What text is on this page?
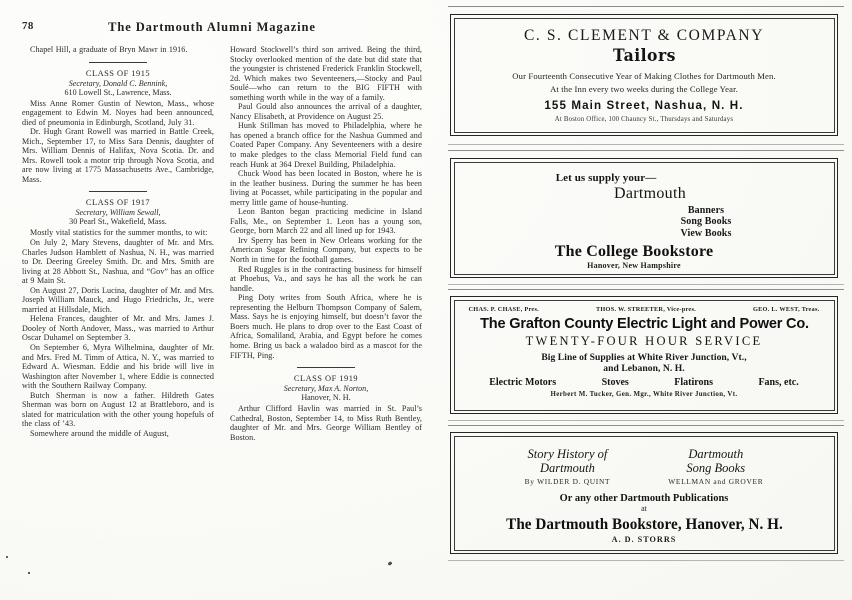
78	The Dartmouth Alumni Magazine

Chapel Hill, a graduate of Bryn Mawr in 1916.

CLASS OF 1915
Secretary, Donald C. Bennink,
610 Lowell St., Lawrence, Mass.

Miss Anne Romer Gustin of Newton, Mass., whose engagement to Edwin M. Noyes had been announced, died of pneumonia in Edinburgh, Scotland, July 31.

Dr. Hugh Grant Rowell was married in Battle Creek, Mich., September 17, to Miss Sara Dennis, daughter of Mrs. William Dennis of Halifax, Nova Scotia. Dr. and Mrs. Rowell took a motor trip through Nova Scotia, and are now living at 1775 Massachusetts Ave., Cambridge, Mass.

CLASS OF 1917
Secretary, William Sewall,
30 Pearl St., Wakefield, Mass.

Mostly vital statistics for the summer months, to wit:

On July 2, Mary Stevens, daughter of Mr. and Mrs. Charles Judson Hamblett of Nashua, N. H., was married to Dr. Deering Greeley Smith. Dr. and Mrs. Smith are living at 28 Abbott St., Nashua, and “Gov” has an office at 9 Main St.

On August 27, Doris Lucina, daughter of Mr. and Mrs. Joseph William Mauck, and Hugo Friedrichs, Jr., were married at Hillsdale, Mich.

Helena Frances, daughter of Mr. and Mrs. James J. Dooley of North Andover, Mass., was married to Arthur Oscar Duhamel on September 3.

On September 6, Myra Wilhelmina, daughter of Mr. and Mrs. Fred M. Timm of Attica, N. Y., was married to Edward A. Wiesman. Eddie and his bride will live in Washington after November 1, where Eddie is connected with the Southern Railway Company.

Butch Sherman is now a father. Hildreth Gates Sherman was born on August 12 at Brattleboro, and is slated for matriculation with the other young hopefuls of the class of ’43.

Somewhere around the middle of August,

Howard Stockwell’s third son arrived. Being the third, Stocky overlooked mention of the date but did state that the youngster is christened Frederick Franklin Stockwell, 2d. Which makes two Seventeeners,—Stocky and Paul Soulé—who can return to the BIG FIFTH with something worth while in the way of a family.

Paul Gould also announces the arrival of a daughter, Nancy Elisabeth, at Providence on August 25.

Hunk Stillman has moved to Philadelphia, where he has opened a branch office for the Nashua Gummed and Coated Paper Company. Any Seventeeners with a desire to make pledges to the class Memorial Field fund can reach Hunk at 364 Drexel Building, Philadelphia.

Chuck Wood has been located in Boston, where he is in the leather business. During the summer he has been living at Pocasset, while participating in the popular and merry little game of house-hunting.

Leon Banton began practicing medicine in Island Falls, Me., on September 1. Leon has a young son, George, born March 22 and all lined up for 1943.

Irv Sperry has been in New Orleans working for the American Sugar Refining Company, but expects to be North in time for the football games.

Red Ruggles is in the contracting business for himself at Phoebus, Va., and says he has all the work he can handle.

Ping Doty writes from South Africa, where he is representing the Helburn Thompson Company of Salem, Mass. Says he is enjoying himself, but doesn’t favor the Boers much. He plans to drop over to the East Coast of Africa, Somaliland, Arabia, and Egypt before he comes home. Bring us back a waladoo bird as a mascot for the FIFTH, Ping.

CLASS OF 1919
Secretary, Max A. Norton,
Hanover, N. H.

Arthur Clifford Havlin was married in St. Paul’s Cathedral, Boston, September 14, to Miss Ruth Bentley, daughter of Mr. and Mrs. George William Bentley of Boston.

C. S. CLEMENT & COMPANY
Tailors
Our Fourteenth Consecutive Year of Making Clothes for Dartmouth Men.
At the Inn every two weeks during the College Year.
155 Main Street, Nashua, N. H.
At Boston Office, 100 Chauncy St., Thursdays and Saturdays
Let us supply your—
Dartmouth
Banners
Song Books
View Books
The College Bookstore
Hanover, New Hampshire
CHAS. P. CHASE, Pres.	THOS. W. STREETER, Vice-pres.	GEO. L. WEST, Treas.
The Grafton County Electric Light and Power Co.
TWENTY-FOUR HOUR SERVICE
Big Line of Supplies at White River Junction, Vt.,
and Lebanon, N. H.
Electric Motors	Stoves	Flatirons	Fans, etc.
Herbert M. Tucker, Gen. Mgr., White River Junction, Vt.
Story History of
Dartmouth
By WILDER D. QUINT
Dartmouth
Song Books
WELLMAN and GROVER
Or any other Dartmouth Publications
at
The Dartmouth Bookstore, Hanover, N. H.
A. D. STORRS
